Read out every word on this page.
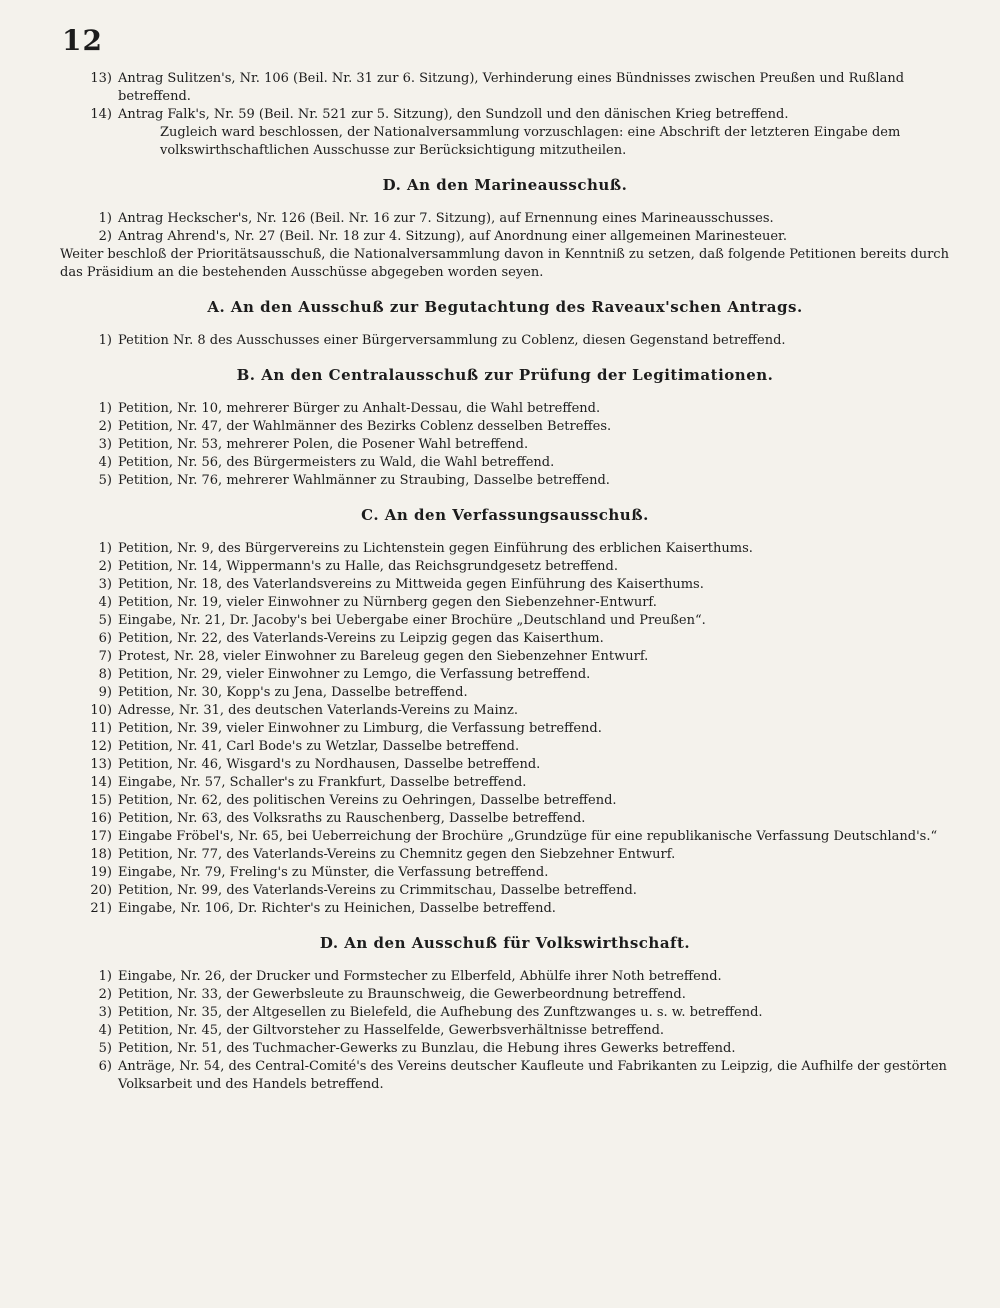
12
13) Antrag Sulitzen's, Nr. 106 (Beil. Nr. 31 zur 6. Sitzung), Verhinderung eines Bündnisses zwischen Preußen und Rußland betreffend.
14) Antrag Falk's, Nr. 59 (Beil. Nr. 521 zur 5. Sitzung), den Sundzoll und den dänischen Krieg betreffend.

Zugleich ward beschlossen, der Nationalversammlung vorzuschlagen: eine Abschrift der letzteren Eingabe dem volkswirthschaftlichen Ausschusse zur Berücksichtigung mitzutheilen.

D. An den Marineausschuß.
1) Antrag Heckscher's, Nr. 126 (Beil. Nr. 16 zur 7. Sitzung), auf Ernennung eines Marineausschusses.
2) Antrag Ahrend's, Nr. 27 (Beil. Nr. 18 zur 4. Sitzung), auf Anordnung einer allgemeinen Marinesteuer.

Weiter beschloß der Prioritätsausschuß, die Nationalversammlung davon in Kenntniß zu setzen, daß folgende Petitionen bereits durch das Präsidium an die bestehenden Ausschüsse abgegeben worden seyen.

A. An den Ausschuß zur Begutachtung des Raveaux'schen Antrags.
1) Petition Nr. 8 des Ausschusses einer Bürgerversammlung zu Coblenz, diesen Gegenstand betreffend.
B. An den Centralausschuß zur Prüfung der Legitimationen.
1) Petition, Nr. 10, mehrerer Bürger zu Anhalt-Dessau, die Wahl betreffend.
2) Petition, Nr. 47, der Wahlmänner des Bezirks Coblenz desselben Betreffes.
3) Petition, Nr. 53, mehrerer Polen, die Posener Wahl betreffend.
4) Petition, Nr. 56, des Bürgermeisters zu Wald, die Wahl betreffend.
5) Petition, Nr. 76, mehrerer Wahlmänner zu Straubing, Dasselbe betreffend.
C. An den Verfassungsausschuß.
1) Petition, Nr. 9, des Bürgervereins zu Lichtenstein gegen Einführung des erblichen Kaiserthums.
2) Petition, Nr. 14, Wippermann's zu Halle, das Reichsgrundgesetz betreffend.
3) Petition, Nr. 18, des Vaterlandsvereins zu Mittweida gegen Einführung des Kaiserthums.
4) Petition, Nr. 19, vieler Einwohner zu Nürnberg gegen den Siebenzehner-Entwurf.
5) Eingabe, Nr. 21, Dr. Jacoby's bei Uebergabe einer Brochüre „Deutschland und Preußen“.
6) Petition, Nr. 22, des Vaterlands-Vereins zu Leipzig gegen das Kaiserthum.
7) Protest, Nr. 28, vieler Einwohner zu Bareleug gegen den Siebenzehner Entwurf.
8) Petition, Nr. 29, vieler Einwohner zu Lemgo, die Verfassung betreffend.
9) Petition, Nr. 30, Kopp's zu Jena, Dasselbe betreffend.
10) Adresse, Nr. 31, des deutschen Vaterlands-Vereins zu Mainz.
11) Petition, Nr. 39, vieler Einwohner zu Limburg, die Verfassung betreffend.
12) Petition, Nr. 41, Carl Bode's zu Wetzlar, Dasselbe betreffend.
13) Petition, Nr. 46, Wisgard's zu Nordhausen, Dasselbe betreffend.
14) Eingabe, Nr. 57, Schaller's zu Frankfurt, Dasselbe betreffend.
15) Petition, Nr. 62, des politischen Vereins zu Oehringen, Dasselbe betreffend.
16) Petition, Nr. 63, des Volksraths zu Rauschenberg, Dasselbe betreffend.
17) Eingabe Fröbel's, Nr. 65, bei Ueberreichung der Brochüre „Grundzüge für eine republikanische Verfassung Deutschland's.“
18) Petition, Nr. 77, des Vaterlands-Vereins zu Chemnitz gegen den Siebzehner Entwurf.
19) Eingabe, Nr. 79, Freling's zu Münster, die Verfassung betreffend.
20) Petition, Nr. 99, des Vaterlands-Vereins zu Crimmitschau, Dasselbe betreffend.
21) Eingabe, Nr. 106, Dr. Richter's zu Heinichen, Dasselbe betreffend.
D. An den Ausschuß für Volkswirthschaft.
1) Eingabe, Nr. 26, der Drucker und Formstecher zu Elberfeld, Abhülfe ihrer Noth betreffend.
2) Petition, Nr. 33, der Gewerbsleute zu Braunschweig, die Gewerbeordnung betreffend.
3) Petition, Nr. 35, der Altgesellen zu Bielefeld, die Aufhebung des Zunftzwanges u. s. w. betreffend.
4) Petition, Nr. 45, der Giltvorsteher zu Hasselfelde, Gewerbsverhältnisse betreffend.
5) Petition, Nr. 51, des Tuchmacher-Gewerks zu Bunzlau, die Hebung ihres Gewerks betreffend.
6) Anträge, Nr. 54, des Central-Comité's des Vereins deutscher Kaufleute und Fabrikanten zu Leipzig, die Aufhilfe der gestörten Volksarbeit und des Handels betreffend.
